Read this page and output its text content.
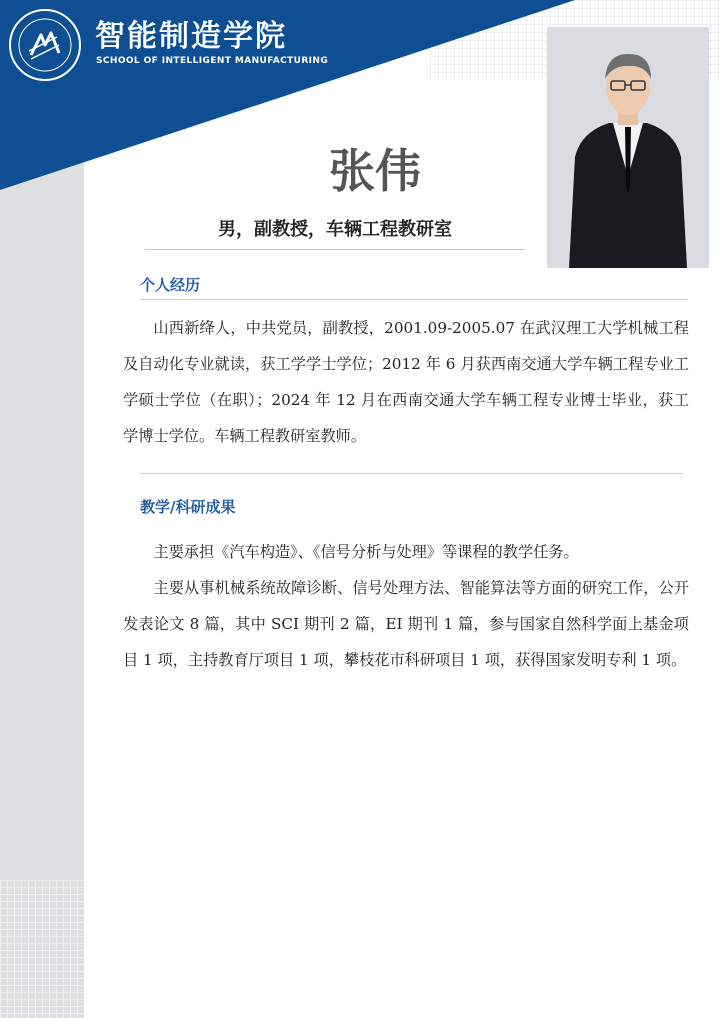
智能制造学院
SCHOOL OF INTELLIGENT MANUFACTURING
张伟
男，副教授，车辆工程教研室
个人经历

山西新绛人，中共党员，副教授，2001.09-2005.07 在武汉理工大学机械工程及自动化专业就读，获工学学士学位；2012 年 6 月获西南交通大学车辆工程专业工学硕士学位（在职）；2024 年 12 月在西南交通大学车辆工程专业博士毕业，获工学博士学位。车辆工程教研室教师。

教学/科研成果

主要承担《汽车构造》、《信号分析与处理》等课程的教学任务。

主要从事机械系统故障诊断、信号处理方法、智能算法等方面的研究工作，公开发表论文 8 篇，其中 SCI 期刊 2 篇，EI 期刊 1 篇，参与国家自然科学面上基金项目 1 项，主持教育厅项目 1 项，攀枝花市科研项目 1 项，获得国家发明专利 1 项。
